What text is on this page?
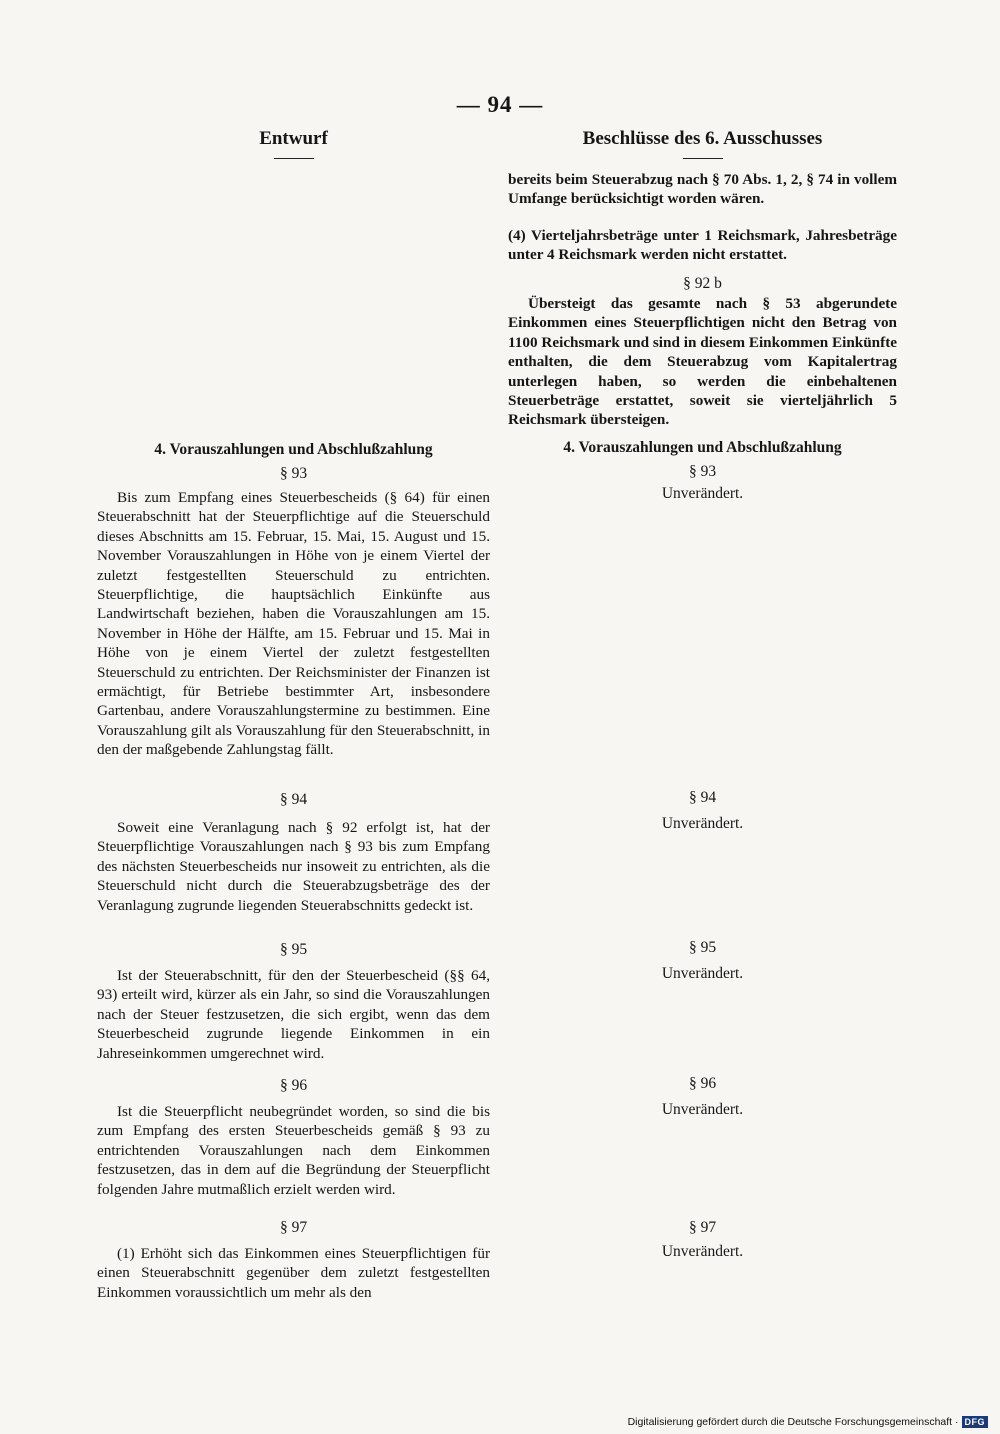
— 94 —
Entwurf
4. Vorauszahlungen und Abschlußzahlung
§ 93

Bis zum Empfang eines Steuerbescheids (§ 64) für einen Steuerabschnitt hat der Steuerpflichtige auf die Steuerschuld dieses Abschnitts am 15. Februar, 15. Mai, 15. August und 15. November Vorauszahlungen in Höhe von je einem Viertel der zuletzt festgestellten Steuerschuld zu entrichten. Steuerpflichtige, die hauptsächlich Einkünfte aus Landwirtschaft beziehen, haben die Vorauszahlungen am 15. November in Höhe der Hälfte, am 15. Februar und 15. Mai in Höhe von je einem Viertel der zuletzt festgestellten Steuerschuld zu entrichten. Der Reichsminister der Finanzen ist ermächtigt, für Betriebe bestimmter Art, insbesondere Gartenbau, andere Vorauszahlungstermine zu bestimmen. Eine Vorauszahlung gilt als Vorauszahlung für den Steuerabschnitt, in den der maßgebende Zahlungstag fällt.

§ 94

Soweit eine Veranlagung nach § 92 erfolgt ist, hat der Steuerpflichtige Vorauszahlungen nach § 93 bis zum Empfang des nächsten Steuerbescheids nur insoweit zu entrichten, als die Steuerschuld nicht durch die Steuerabzugsbeträge des der Veranlagung zugrunde liegenden Steuerabschnitts gedeckt ist.

§ 95

Ist der Steuerabschnitt, für den der Steuerbescheid (§§ 64, 93) erteilt wird, kürzer als ein Jahr, so sind die Vorauszahlungen nach der Steuer festzusetzen, die sich ergibt, wenn das dem Steuerbescheid zugrunde liegende Einkommen in ein Jahreseinkommen umgerechnet wird.

§ 96

Ist die Steuerpflicht neubegründet worden, so sind die bis zum Empfang des ersten Steuerbescheids gemäß § 93 zu entrichtenden Vorauszahlungen nach dem Einkommen festzusetzen, das in dem auf die Begründung der Steuerpflicht folgenden Jahre mutmaßlich erzielt werden wird.

§ 97

(1) Erhöht sich das Einkommen eines Steuerpflichtigen für einen Steuerabschnitt gegenüber dem zuletzt festgestellten Einkommen voraussichtlich um mehr als den

Beschlüsse des 6. Ausschusses

bereits beim Steuerabzug nach § 70 Abs. 1, 2, § 74 in vollem Umfange berücksichtigt worden wären.

(4) Vierteljahrsbeträge unter 1 Reichsmark, Jahresbeträge unter 4 Reichsmark werden nicht erstattet.

§ 92 b

Übersteigt das gesamte nach § 53 abgerundete Einkommen eines Steuerpflichtigen nicht den Betrag von 1100 Reichsmark und sind in diesem Einkommen Einkünfte enthalten, die dem Steuerabzug vom Kapitalertrag unterlegen haben, so werden die einbehaltenen Steuerbeträge erstattet, soweit sie vierteljährlich 5 Reichsmark übersteigen.

4. Vorauszahlungen und Abschlußzahlung
§ 93
Unverändert.
§ 94
Unverändert.
§ 95
Unverändert.
§ 96
Unverändert.
§ 97
Unverändert.
Digitalisierung gefördert durch die Deutsche Forschungsgemeinschaft · DFG
